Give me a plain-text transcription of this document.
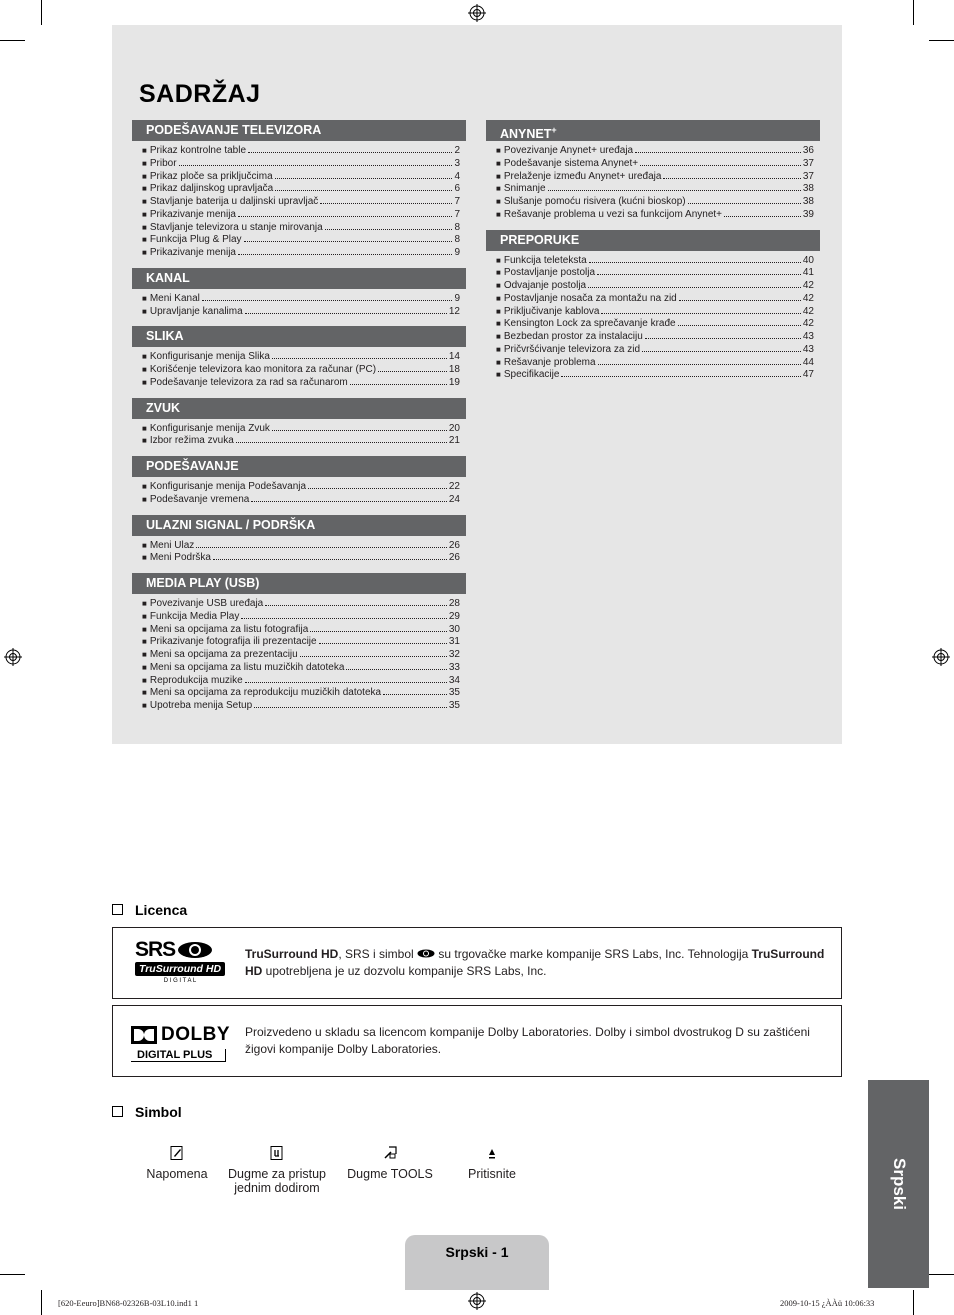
SADRŽAJ
PODEŠAVANJE TELEVIZORA
■ Prikaz kontrolne table	2
■ Pribor	3
■ Prikaz ploče sa priključcima	4
■ Prikaz daljinskog upravljača	6
■ Stavljanje baterija u daljinski upravljač	7
■ Prikazivanje menija	7
■ Stavljanje televizora u stanje mirovanja	8
■ Funkcija Plug & Play	8
■ Prikazivanje menija	9
KANAL
■ Meni Kanal	9
■ Upravljanje kanalima	12
SLIKA
■ Konfigurisanje menija Slika	14
■ Korišćenje televizora kao monitora za računar (PC)	18
■ Podešavanje televizora za rad sa računarom	19
ZVUK
■ Konfigurisanje menija Zvuk	20
■ Izbor režima zvuka	21
PODEŠAVANJE
■ Konfigurisanje menija Podešavanja	22
■ Podešavanje vremena	24
ULAZNI SIGNAL / PODRŠKA
■ Meni Ulaz	26
■ Meni Podrška	26
MEDIA PLAY (USB)
■ Povezivanje USB uređaja	28
■ Funkcija Media Play	29
■ Meni sa opcijama za listu fotografija	30
■ Prikazivanje fotografija ili prezentacije	31
■ Meni sa opcijama za prezentaciju	32
■ Meni sa opcijama za listu muzičkih datoteka	33
■ Reprodukcija muzike	34
■ Meni sa opcijama za reprodukciju muzičkih datoteka	35
■ Upotreba menija Setup	35
ANYNET+
■ Povezivanje Anynet+ uređaja	36
■ Podešavanje sistema Anynet+	37
■ Prelaženje između Anynet+ uređaja	37
■ Snimanje	38
■ Slušanje pomoću risivera (kućni bioskop)	38
■ Rešavanje problema u vezi sa funkcijom Anynet+	39
PREPORUKE
■ Funkcija teleteksta	40
■ Postavljanje postolja	41
■ Odvajanje postolja	42
■ Postavljanje nosača za montažu na zid	42
■ Priključivanje kablova	42
■ Kensington Lock za sprečavanje krađe	42
■ Bezbedan prostor za instalaciju	43
■ Pričvršćivanje televizora za zid	43
■ Rešavanje problema	44
■ Specifikacije	47
Licenca
SRS
TruSurround HD
D I G I T A L
TruSurround HD, SRS i simbol  su trgovačke marke kompanije SRS Labs, Inc. Tehnologija TruSurround HD upotrebljena je uz dozvolu kompanije SRS Labs, Inc.
DOLBY
DIGITAL PLUS
Proizvedeno u skladu sa licencom kompanije Dolby Laboratories. Dolby i simbol dvostrukog D su zaštićeni žigovi kompanije Dolby Laboratories.
Simbol
Napomena	Dugme za pristup jednim dodirom
Dugme TOOLS	Pritisnite	Srpski
Srpski - 1
[620-Eeuro]BN68-02326B-03L10.ind1 1	2009-10-15 ¿ÀÀü 10:06:33
